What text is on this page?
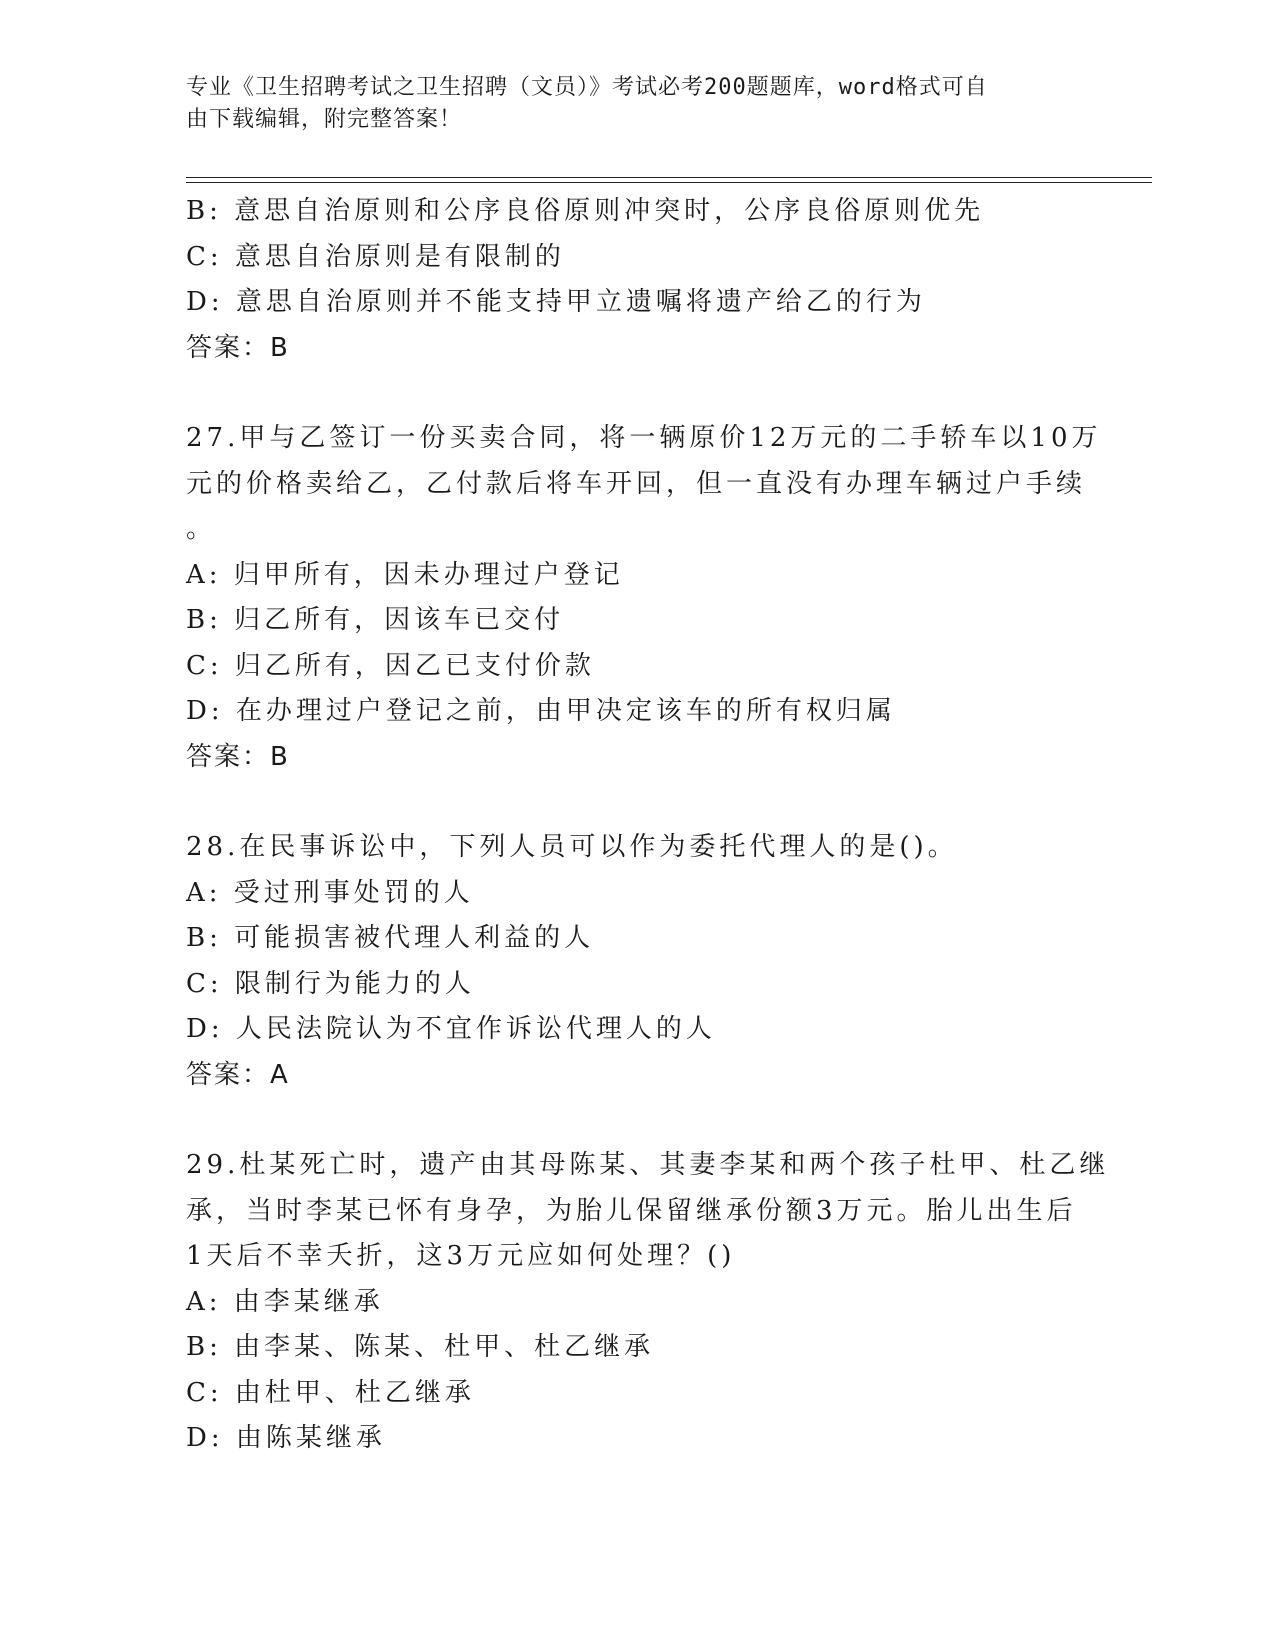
专业《卫生招聘考试之卫生招聘（文员）》考试必考200题题库，word格式可自
由下载编辑，附完整答案！
B: 意思自治原则和公序良俗原则冲突时，公序良俗原则优先
C: 意思自治原则是有限制的
D: 意思自治原则并不能支持甲立遗嘱将遗产给乙的行为
答案：B
27.甲与乙签订一份买卖合同，将一辆原价12万元的二手轿车以10万
元的价格卖给乙，乙付款后将车开回，但一直没有办理车辆过户手续
。
A: 归甲所有，因未办理过户登记
B: 归乙所有，因该车已交付
C: 归乙所有，因乙已支付价款
D: 在办理过户登记之前，由甲决定该车的所有权归属
答案：B
28.在民事诉讼中，下列人员可以作为委托代理人的是()。
A: 受过刑事处罚的人
B: 可能损害被代理人利益的人
C: 限制行为能力的人
D: 人民法院认为不宜作诉讼代理人的人
答案：A
29.杜某死亡时，遗产由其母陈某、其妻李某和两个孩子杜甲、杜乙继
承，当时李某已怀有身孕，为胎儿保留继承份额3万元。胎儿出生后
1天后不幸夭折，这3万元应如何处理？()
A: 由李某继承
B: 由李某、陈某、杜甲、杜乙继承
C: 由杜甲、杜乙继承
D: 由陈某继承
